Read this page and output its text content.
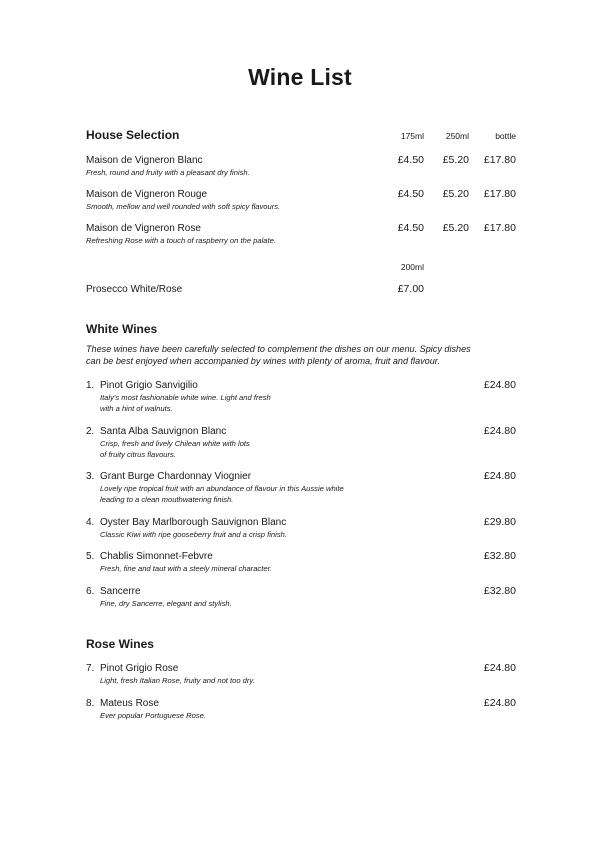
Wine List
House Selection	175ml	250ml	bottle
Maison de Vigneron Blanc
Fresh, round and fruity with a pleasant dry finish.
£4.50	£5.20	£17.80
Maison de Vigneron Rouge
Smooth, mellow and well rounded with soft spicy flavours.
£4.50	£5.20	£17.80
Maison de Vigneron Rose
Refreshing Rose with a touch of raspberry on the palate.
£4.50	£5.20	£17.80
200ml
Prosecco White/Rose	£7.00
White Wines
These wines have been carefully selected to complement the dishes on our menu. Spicy dishes
can be best enjoyed when accompanied by wines with plenty of aroma, fruit and flavour.
1. Pinot Grigio Sanvigilio
Italy's most fashionable white wine. Light and fresh
with a hint of walnuts.
£24.80
2. Santa Alba Sauvignon Blanc
Crisp, fresh and lively Chilean white with lots
of fruity citrus flavours.
£24.80
3. Grant Burge Chardonnay Viognier
Lovely ripe tropical fruit with an abundance of flavour in this Aussie white
leading to a clean mouthwatering finish.
£24.80
4. Oyster Bay Marlborough Sauvignon Blanc
Classic Kiwi with ripe gooseberry fruit and a crisp finish.
£29.80
5. Chablis Simonnet-Febvre
Fresh, fine and taut with a steely mineral character.
£32.80
6. Sancerre
Fine, dry Sancerre, elegant and stylish.
£32.80
Rose Wines
7. Pinot Grigio Rose
Light, fresh Italian Rose, fruity and not too dry.
£24.80
8. Mateus Rose
Ever popular Portuguese Rose.
£24.80
